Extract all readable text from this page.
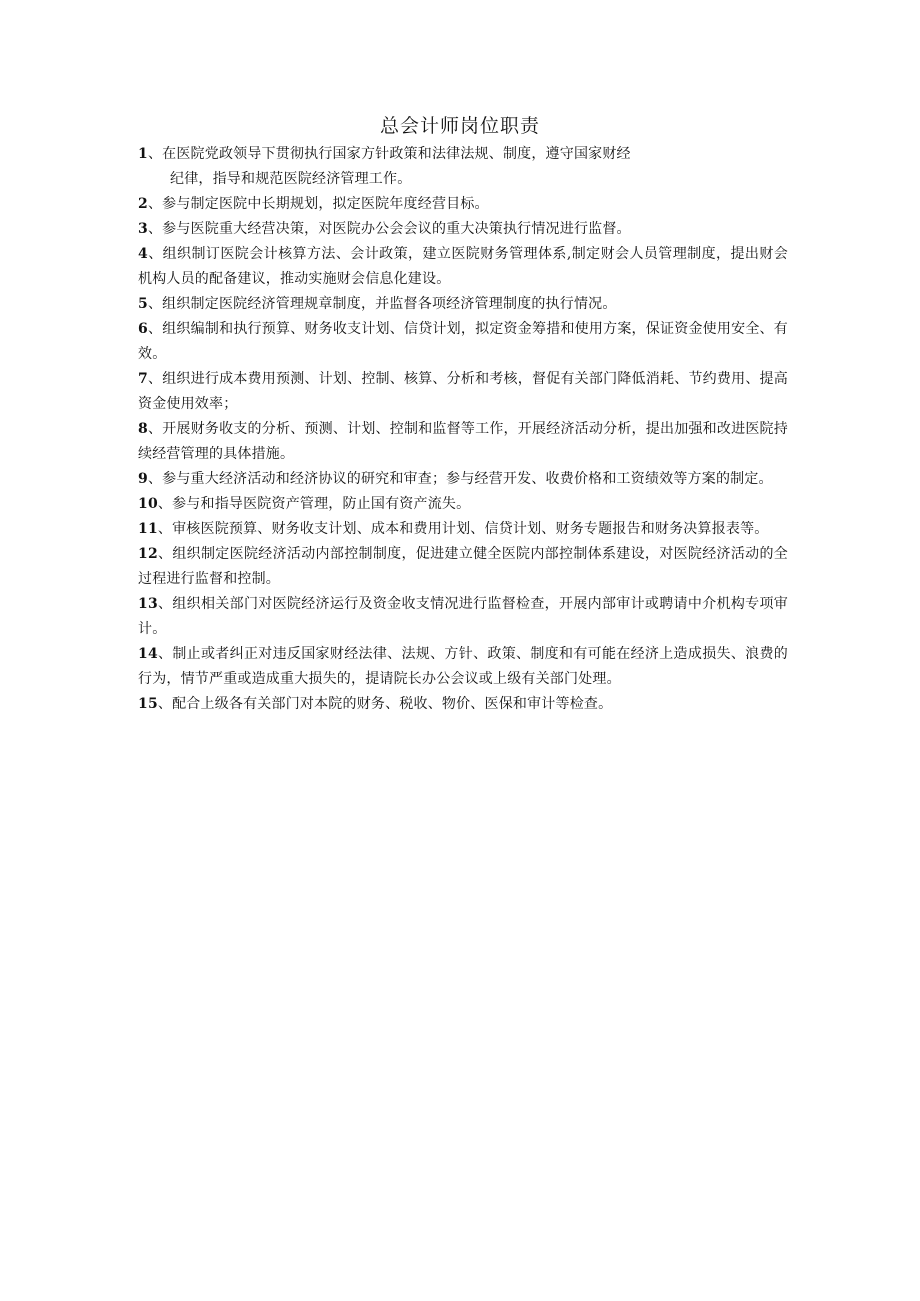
总会计师岗位职责
1、在医院党政领导下贯彻执行国家方针政策和法律法规、制度，遵守国家财经
纪律，指导和规范医院经济管理工作。
2、参与制定医院中长期规划，拟定医院年度经营目标。
3、参与医院重大经营决策，对医院办公会会议的重大决策执行情况进行监督。
4、组织制订医院会计核算方法、会计政策，建立医院财务管理体系,制定财会人员管理制度，提出财会机构人员的配备建议，推动实施财会信息化建设。
5、组织制定医院经济管理规章制度，并监督各项经济管理制度的执行情况。
6、组织编制和执行预算、财务收支计划、信贷计划，拟定资金筹措和使用方案，保证资金使用安全、有效。
7、组织进行成本费用预测、计划、控制、核算、分析和考核，督促有关部门降低消耗、节约费用、提高资金使用效率；
8、开展财务收支的分析、预测、计划、控制和监督等工作，开展经济活动分析，提出加强和改进医院持续经营管理的具体措施。
9、参与重大经济活动和经济协议的研究和审查；参与经营开发、收费价格和工资绩效等方案的制定。
10、参与和指导医院资产管理，防止国有资产流失。
11、审核医院预算、财务收支计划、成本和费用计划、信贷计划、财务专题报告和财务决算报表等。
12、组织制定医院经济活动内部控制制度，促进建立健全医院内部控制体系建设，对医院经济活动的全过程进行监督和控制。
13、组织相关部门对医院经济运行及资金收支情况进行监督检查，开展内部审计或聘请中介机构专项审计。
14、制止或者纠正对违反国家财经法律、法规、方针、政策、制度和有可能在经济上造成损失、浪费的行为，情节严重或造成重大损失的，提请院长办公会议或上级有关部门处理。
15、配合上级各有关部门对本院的财务、税收、物价、医保和审计等检查。
